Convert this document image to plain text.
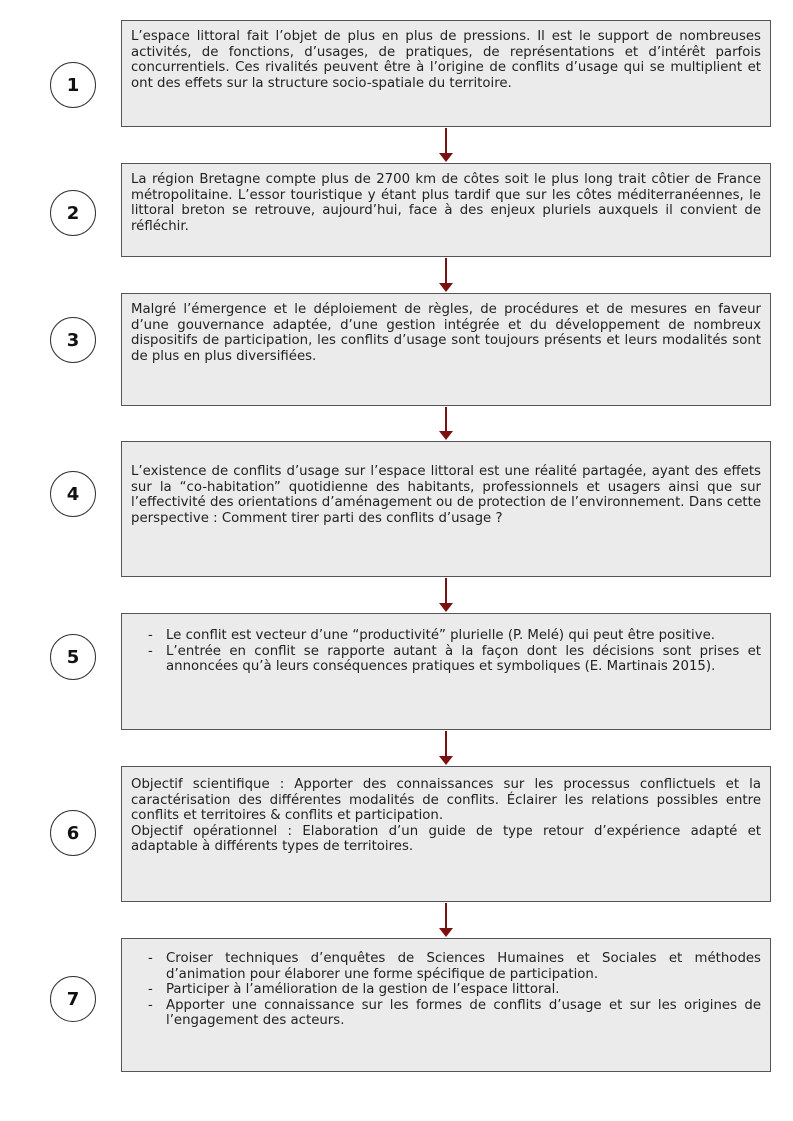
1

L’espace littoral fait l’objet de plus en plus de pressions. Il est le support de nombreuses activités, de fonctions, d’usages, de pratiques, de représentations et d’intérêt parfois concurrentiels. Ces rivalités peuvent être à l’origine de conflits d’usage qui se multiplient et ont des effets sur la structure socio-spatiale du territoire.

2

La région Bretagne compte plus de 2700 km de côtes soit le plus long trait côtier de France métropolitaine. L’essor touristique y étant plus tardif que sur les côtes méditerranéennes, le littoral breton se retrouve, aujourd’hui, face à des enjeux pluriels auxquels il convient de réfléchir.

3

Malgré l’émergence et le déploiement de règles, de procédures et de mesures en faveur d’une gouvernance adaptée, d’une gestion intégrée et du développement de nombreux dispositifs de participation, les conflits d’usage sont toujours présents et leurs modalités sont de plus en plus diversifiées.

4

L’existence de conflits d’usage sur l’espace littoral est une réalité partagée, ayant des effets sur la “co-habitation” quotidienne des habitants, professionnels et usagers ainsi que sur l’effectivité des orientations d’aménagement ou de protection de l’environnement. Dans cette perspective : Comment tirer parti des conflits d’usage ?

5
- Le conflit est vecteur d’une “productivité” plurielle (P. Melé) qui peut être positive.
- L’entrée en conflit se rapporte autant à la façon dont les décisions sont prises et annoncées qu’à leurs conséquences pratiques et symboliques (E. Martinais 2015).
6

Objectif scientifique : Apporter des connaissances sur les processus conflictuels et la caractérisation des différentes modalités de conflits. Éclairer les relations possibles entre conflits et territoires & conflits et participation.

Objectif opérationnel : Elaboration d’un guide de type retour d’expérience adapté et adaptable à différents types de territoires.

7
- Croiser techniques d’enquêtes de Sciences Humaines et Sociales et méthodes d’animation pour élaborer une forme spécifique de participation.
- Participer à l’amélioration de la gestion de l’espace littoral.
- Apporter une connaissance sur les formes de conflits d’usage et sur les origines de l’engagement des acteurs.
